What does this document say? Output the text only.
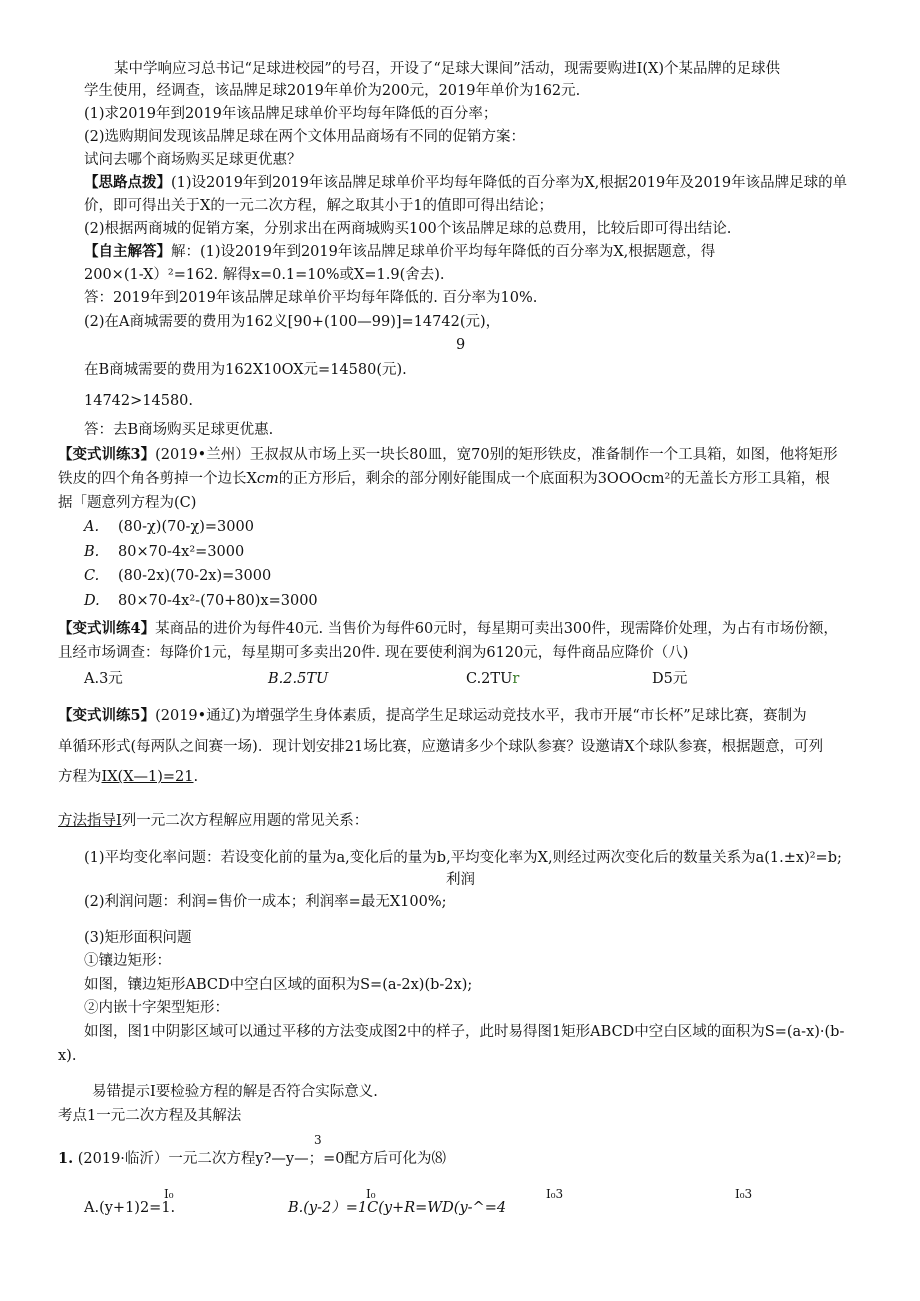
某中学响应习总书记“足球进校园”的号召，开设了“足球大课间”活动，现需要购进I(X)个某品牌的足球供
学生使用，经调查，该品牌足球2019年单价为200元，2019年单价为162元.
(1)求2019年到2019年该品牌足球单价平均每年降低的百分率；
(2)选购期间发现该品牌足球在两个文体用品商场有不同的促销方案：
试问去哪个商场购买足球更优惠？
【思路点拨】(1)设2019年到2019年该品牌足球单价平均每年降低的百分率为X,根据2019年及2019年该品牌足球的单
价，即可得出关于X的一元二次方程，解之取其小于1的值即可得出结论；
(2)根据两商城的促销方案，分别求出在两商城购买100个该品牌足球的总费用，比较后即可得出结论.
【自主解答】解：(1)设2019年到2019年该品牌足球单价平均每年降低的百分率为X,根据题意，得
200×(1-X）²=162. 解得x=0.1=10%或X=1.9(舍去).
答：2019年到2019年该品牌足球单价平均每年降低的. 百分率为10%.
(2)在A商城需要的费用为162义[90+(100—99)]=14742(元)，
9
在B商城需要的费用为162X10OX元=14580(元).
14742>14580.
答：去B商场购买足球更优惠.
【变式训练3】(2019•兰州）王叔叔从市场上买一块长80皿，宽70别的矩形铁皮，准备制作一个工具箱，如图，他将矩形
铁皮的四个角各剪掉一个边长Xcm的正方形后，剩余的部分刚好能围成一个底面积为3OOOcm²的无盖长方形工具箱，根
据「题意列方程为(C)
A. (80-χ)(70-χ)=3000
B. 80×70-4x²=3000
C. (80-2x)(70-2x)=3000
D. 80×70-4x²-(70+80)x=3000
【变式训练4】某商品的进价为每件40元. 当售价为每件60元时，每星期可卖出300件，现需降价处理，为占有市场份额，
且经市场调查：每降价1元，每星期可多卖出20件. 现在要使利润为6120元，每件商品应降价（八)
A.3元	B.2.5TU	C.2TUr	D5元
【变式训练5】(2019•通辽)为增强学生身体素质，提高学生足球运动竞技水平，我市开展“市长杯”足球比赛，赛制为
单循环形式(每两队之间赛一场)．现计划安排21场比赛，应邀请多少个球队参赛？设邀请X个球队参赛，根据题意，可列
方程为IX(X—1)=21.
方法指导I列一元二次方程解应用题的常见关系：
(1)平均变化率问题：若设变化前的量为a,变化后的量为b,平均变化率为X,则经过两次变化后的数量关系为a(1.±x)²=b;
利润
(2)利润问题：利润=售价一成本；利润率=最无X100%;
(3)矩形面积问题
①镶边矩形：
如图，镶边矩形ABCD中空白区域的面积为S=(a-2x)(b-2x);
②内嵌十字架型矩形：
如图，图1中阴影区域可以通过平移的方法变成图2中的样子，此时易得图1矩形ABCD中空白区域的面积为S=(a-x)·(b-
x).
易错提示I要检验方程的解是否符合实际意义.
考点1一元二次方程及其解法
3
1. (2019·临沂）一元二次方程y?—y—；=0配方后可化为⑻
I₀	I₀	I₀3	I₀3
A.(y+1)2=1.	B.(y-2）=1C(y+R=WD(y-^=4
